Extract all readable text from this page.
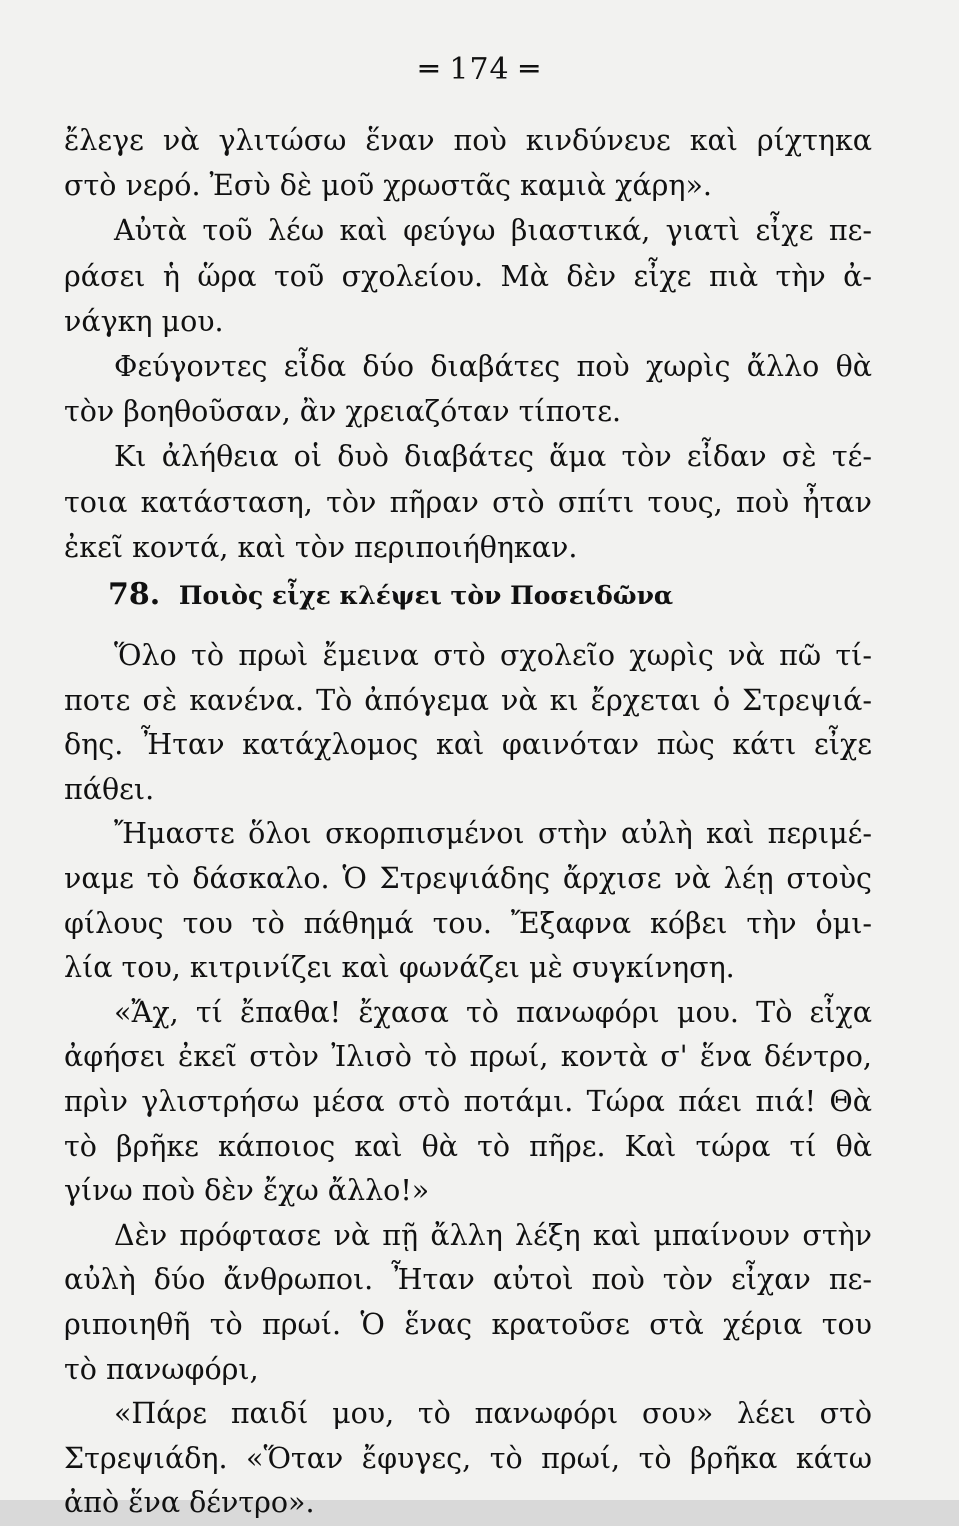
═ 174 ═
ἔλεγε νὰ γλιτώσω ἕναν ποὺ κινδύνευε καὶ ρίχτηκα
στὸ νερό. Ἐσὺ δὲ μοῦ χρωστᾶς καμιὰ χάρη».
Αὐτὰ τοῦ λέω καὶ φεύγω βιαστικά, γιατὶ εἶχε πε-
ράσει ἡ ὥρα τοῦ σχολείου. Μὰ δὲν εἶχε πιὰ τὴν ἀ-
νάγκη μου.
Φεύγοντες εἶδα δύο διαβάτες ποὺ χωρὶς ἄλλο θὰ
τὸν βοηθοῦσαν, ἂν χρειαζόταν τίποτε.
Κι ἀλήθεια οἱ δυὸ διαβάτες ἅμα τὸν εἶδαν σὲ τέ-
τοια κατάσταση, τὸν πῆραν στὸ σπίτι τους, ποὺ ἦταν
ἐκεῖ κοντά, καὶ τὸν περιποιήθηκαν.
78. Ποιὸς εἶχε κλέψει τὸν Ποσειδῶνα
Ὅλο τὸ πρωὶ ἔμεινα στὸ σχολεῖο χωρὶς νὰ πῶ τί-
ποτε σὲ κανένα. Τὸ ἀπόγεμα νὰ κι ἔρχεται ὁ Στρεψιά-
δης. Ἦταν κατάχλομος καὶ φαινόταν πὼς κάτι εἶχε
πάθει.
Ἤμαστε ὅλοι σκορπισμένοι στὴν αὐλὴ καὶ περιμέ-
ναμε τὸ δάσκαλο. Ὁ Στρεψιάδης ἄρχισε νὰ λέῃ στοὺς
φίλους του τὸ πάθημά του. Ἔξαφνα κόβει τὴν ὁμι-
λία του, κιτρινίζει καὶ φωνάζει μὲ συγκίνηση.
«Ἄχ, τί ἔπαθα! ἔχασα τὸ πανωφόρι μου. Τὸ εἶχα
ἀφήσει ἐκεῖ στὸν Ἰλισὸ τὸ πρωί, κοντὰ σ' ἕνα δέντρο,
πρὶν γλιστρήσω μέσα στὸ ποτάμι. Τώρα πάει πιά! Θὰ
τὸ βρῆκε κάποιος καὶ θὰ τὸ πῆρε. Καὶ τώρα τί θὰ
γίνω ποὺ δὲν ἔχω ἄλλο!»
Δὲν πρόφτασε νὰ πῇ ἄλλη λέξη καὶ μπαίνουν στὴν
αὐλὴ δύο ἄνθρωποι. Ἦταν αὐτοὶ ποὺ τὸν εἶχαν πε-
ριποιηθῆ τὸ πρωί. Ὁ ἕνας κρατοῦσε στὰ χέρια του
τὸ πανωφόρι,
«Πάρε παιδί μου, τὸ πανωφόρι σου» λέει στὸ
Στρεψιάδη. «Ὅταν ἔφυγες, τὸ πρωί, τὸ βρῆκα κάτω
ἀπὸ ἕνα δέντρο».
